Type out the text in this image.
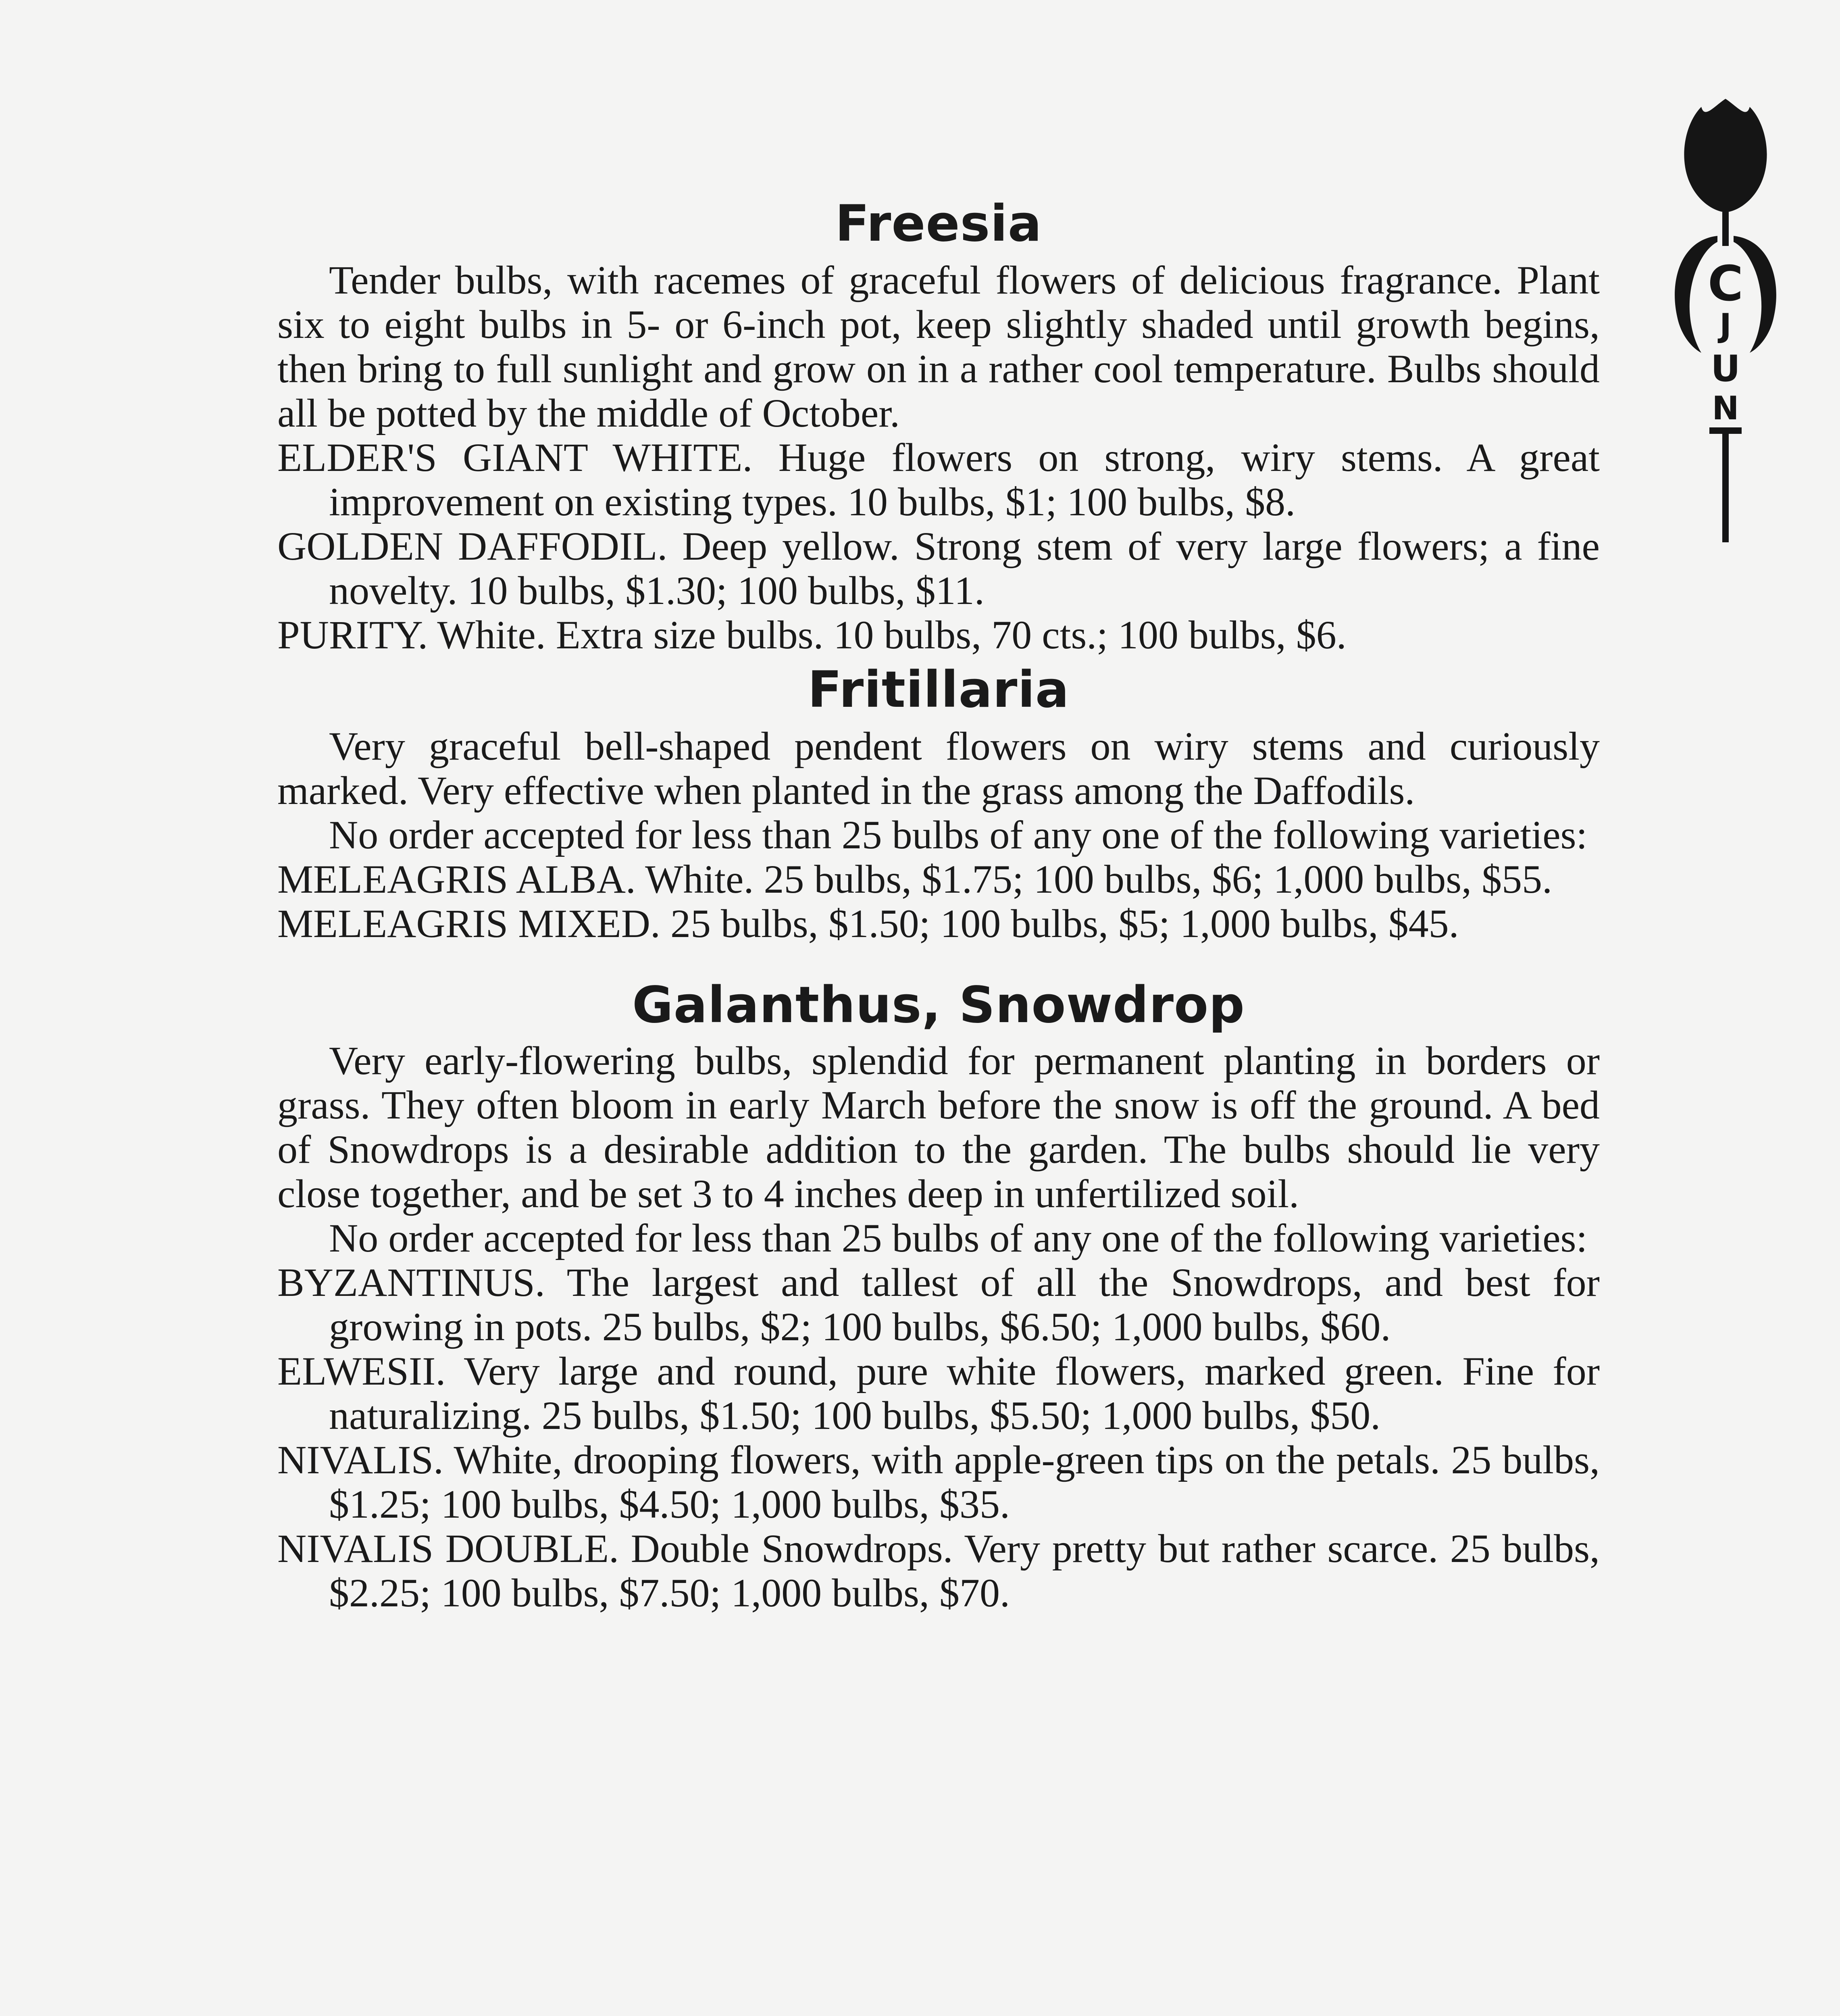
Freesia

Tender bulbs, with racemes of graceful flowers of delicious fragrance. Plant six to eight bulbs in 5- or 6-inch pot, keep slightly shaded until growth begins, then bring to full sunlight and grow on in a rather cool temperature. Bulbs should all be potted by the middle of October.

ELDER'S GIANT WHITE. Huge flowers on strong, wiry stems. A great improvement on existing types. 10 bulbs, $1; 100 bulbs, $8.

GOLDEN DAFFODIL. Deep yellow. Strong stem of very large flowers; a fine novelty. 10 bulbs, $1.30; 100 bulbs, $11.

PURITY. White. Extra size bulbs. 10 bulbs, 70 cts.; 100 bulbs, $6.

Fritillaria

Very graceful bell-shaped pendent flowers on wiry stems and curiously marked. Very effective when planted in the grass among the Daffodils.

No order accepted for less than 25 bulbs of any one of the following varieties:

MELEAGRIS ALBA. White. 25 bulbs, $1.75; 100 bulbs, $6; 1,000 bulbs, $55.

MELEAGRIS MIXED. 25 bulbs, $1.50; 100 bulbs, $5; 1,000 bulbs, $45.

Galanthus, Snowdrop

Very early-flowering bulbs, splendid for permanent planting in borders or grass. They often bloom in early March before the snow is off the ground. A bed of Snowdrops is a desirable addition to the garden. The bulbs should lie very close together, and be set 3 to 4 inches deep in unfertilized soil.

No order accepted for less than 25 bulbs of any one of the following varieties:

BYZANTINUS. The largest and tallest of all the Snowdrops, and best for growing in pots. 25 bulbs, $2; 100 bulbs, $6.50; 1,000 bulbs, $60.

ELWESII. Very large and round, pure white flowers, marked green. Fine for naturalizing. 25 bulbs, $1.50; 100 bulbs, $5.50; 1,000 bulbs, $50.

NIVALIS. White, drooping flowers, with apple-green tips on the petals. 25 bulbs, $1.25; 100 bulbs, $4.50; 1,000 bulbs, $35.

NIVALIS DOUBLE. Double Snowdrops. Very pretty but rather scarce. 25 bulbs, $2.25; 100 bulbs, $7.50; 1,000 bulbs, $70.

C
J
U
N
